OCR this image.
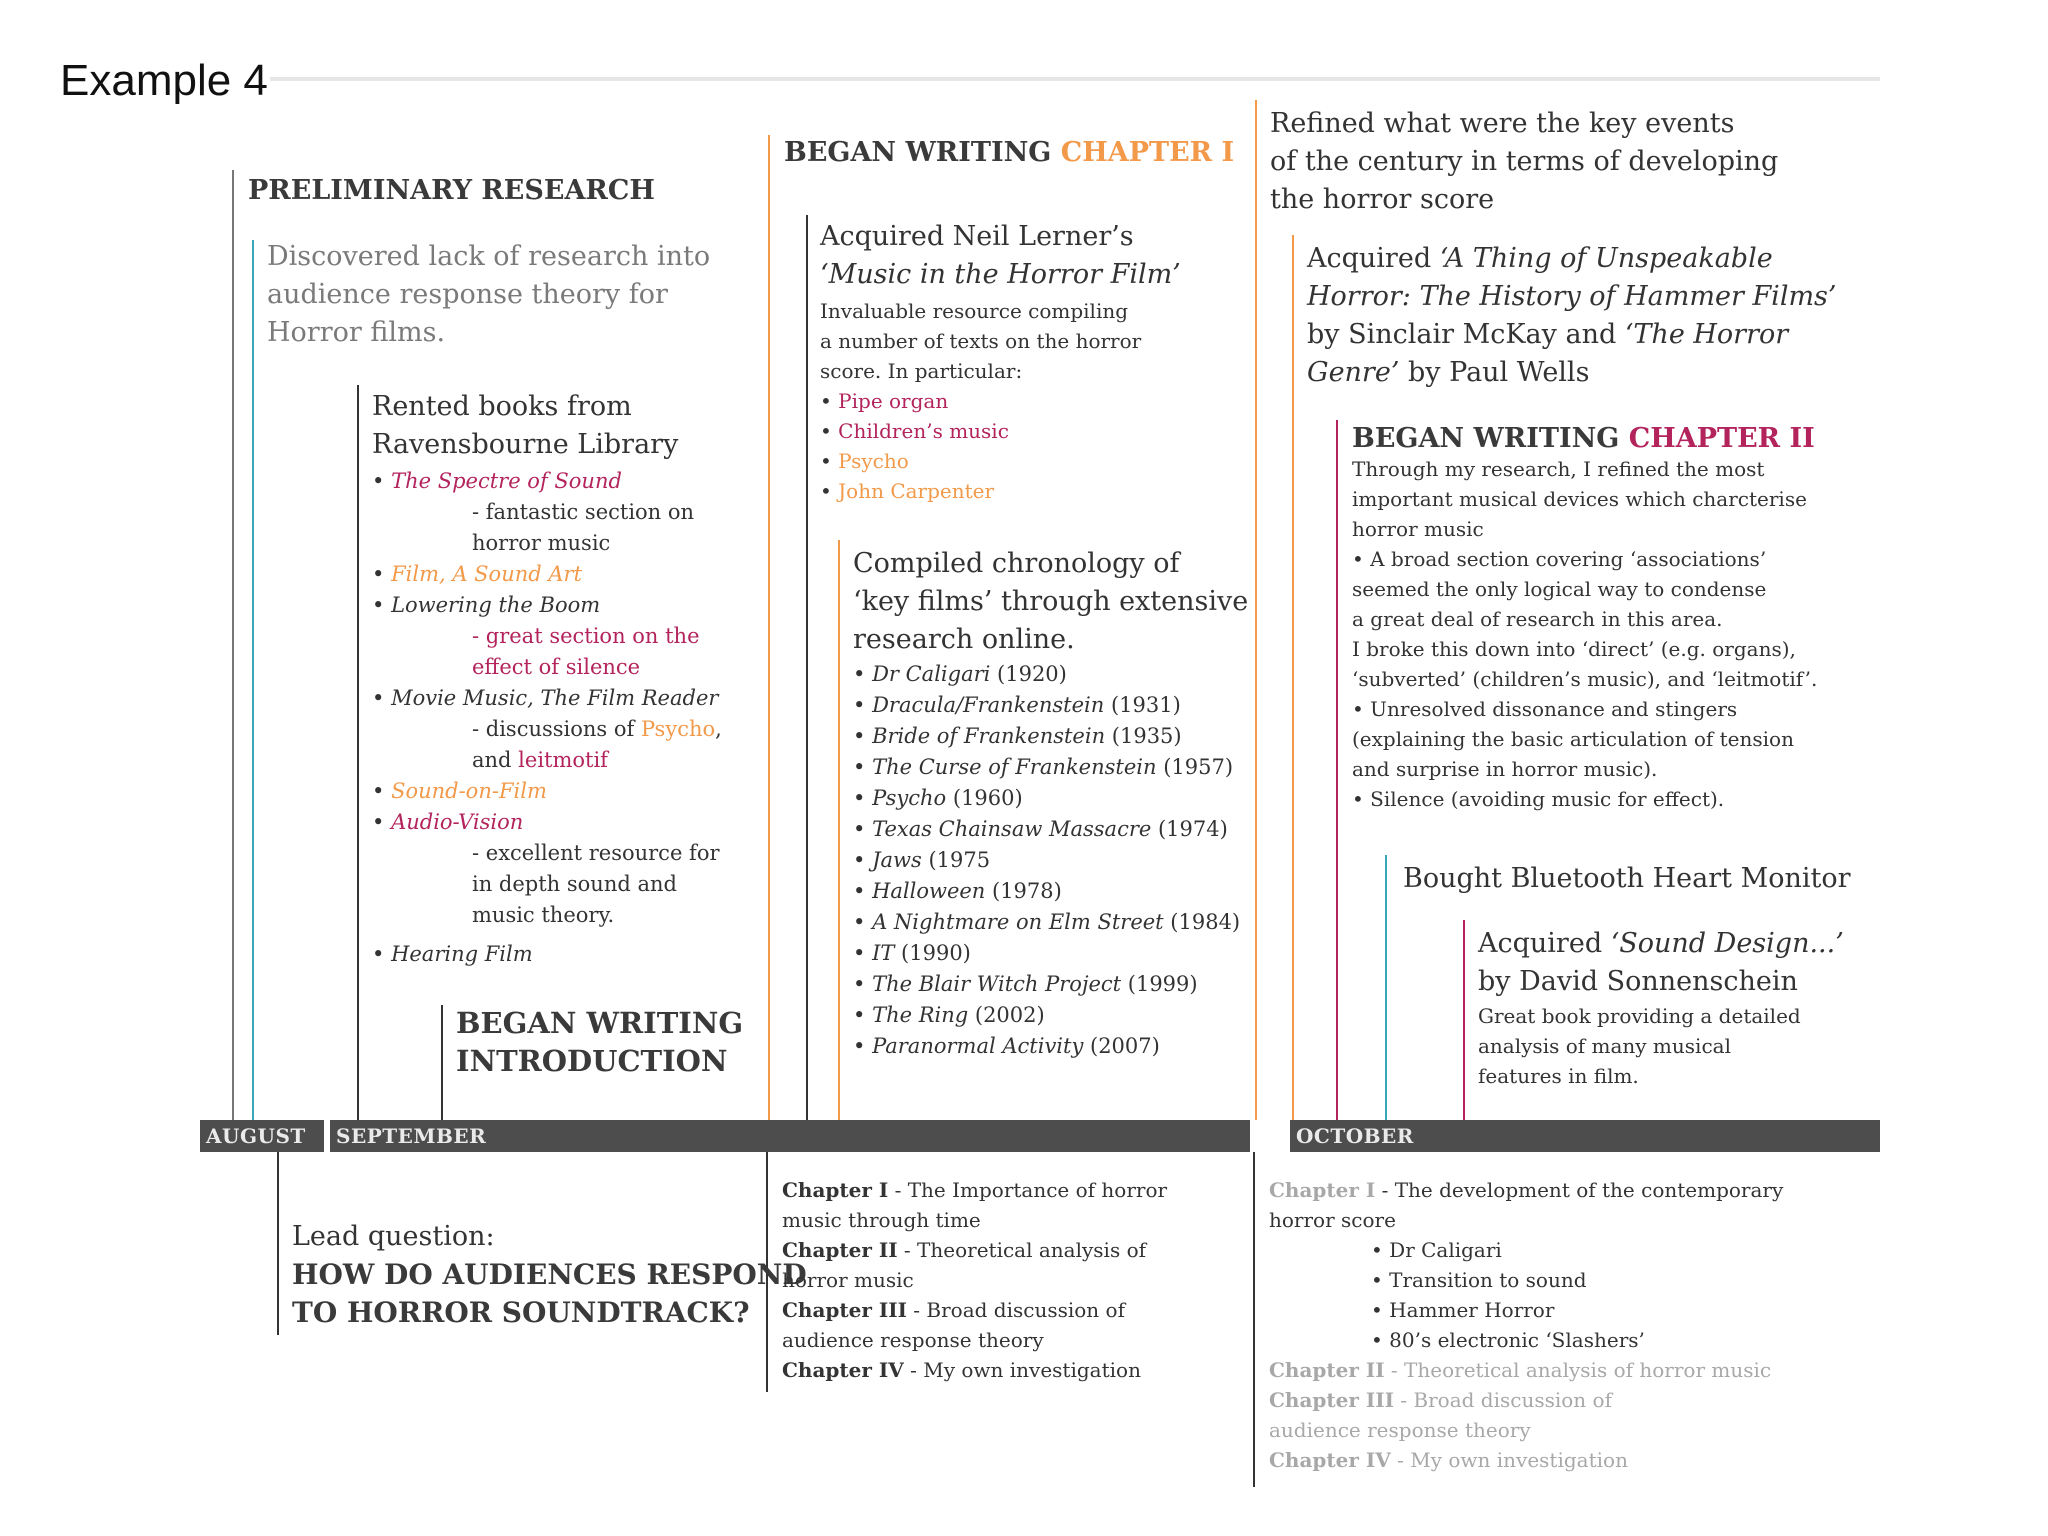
Example 4
AUGUST SEPTEMBER	OCTOBER
PRELIMINARY RESEARCH

Discovered lack of research into

audience response theory for

Horror films.

Rented books from

Ravensbourne Library

• The Spectre of Sound

- fantastic section on

horror music

• Film, A Sound Art

• Lowering the Boom

- great section on the

effect of silence

• Movie Music, The Film Reader

- discussions of Psycho,

and leitmotif

• Sound-on-Film

• Audio-Vision

- excellent resource for

in depth sound and

music theory.

• Hearing Film

BEGAN WRITING

INTRODUCTION

Lead question:

HOW DO AUDIENCES RESPOND

TO HORROR SOUNDTRACK?

BEGAN WRITING CHAPTER I

Acquired Neil Lerner’s

‘Music in the Horror Film’

Invaluable resource compiling

a number of texts on the horror

score. In particular:

• Pipe organ

• Children’s music

• Psycho

• John Carpenter

Compiled chronology of

‘key films’ through extensive

research online.

• Dr Caligari (1920)
• Dracula/Frankenstein (1931)
• Bride of Frankenstein (1935)
• The Curse of Frankenstein (1957)
• Psycho (1960)
• Texas Chainsaw Massacre (1974)
• Jaws (1975
• Halloween (1978)
• A Nightmare on Elm Street (1984)
• IT (1990)
• The Blair Witch Project (1999)
• The Ring (2002)
• Paranormal Activity (2007)

Chapter I - The Importance of horror

music through time

Chapter II - Theoretical analysis of

horror music

Chapter III - Broad discussion of

audience response theory

Chapter IV - My own investigation

Refined what were the key events

of the century in terms of developing

the horror score

Acquired ‘A Thing of Unspeakable

Horror: The History of Hammer Films’

by Sinclair McKay and ‘The Horror

Genre’ by Paul Wells

BEGAN WRITING CHAPTER II

Through my research, I refined the most

important musical devices which charcterise

horror music

• A broad section covering ‘associations’

seemed the only logical way to condense

a great deal of research in this area.

I broke this down into ‘direct’ (e.g. organs),

‘subverted’ (children’s music), and ‘leitmotif’.

• Unresolved dissonance and stingers

(explaining the basic articulation of tension

and surprise in horror music).

• Silence (avoiding music for effect).

Bought Bluetooth Heart Monitor

Acquired ‘Sound Design...’

by David Sonnenschein

Great book providing a detailed

analysis of many musical

features in film.

Chapter I - The development of the contemporary

horror score

• Dr Caligari

• Transition to sound

• Hammer Horror

• 80’s electronic ‘Slashers’

Chapter II - Theoretical analysis of horror music

Chapter III - Broad discussion of

audience response theory

Chapter IV - My own investigation
